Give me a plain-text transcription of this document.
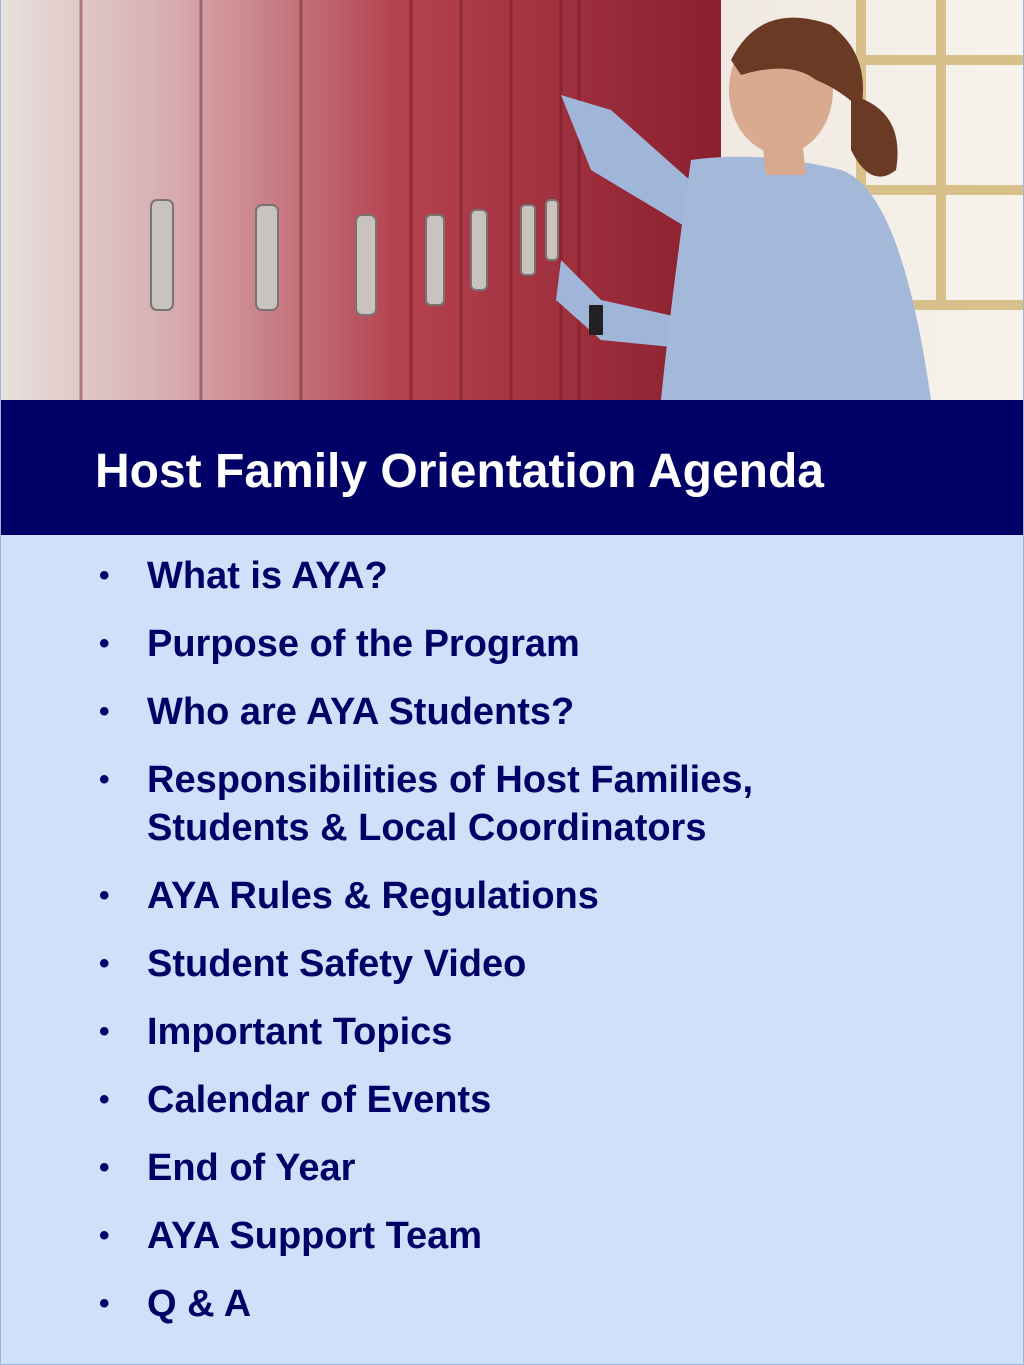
Host Family Orientation Agenda
• What is AYA?
• Purpose of the Program
• Who are AYA Students?
• Responsibilities of Host Families,
Students & Local Coordinators
• AYA Rules & Regulations
• Student Safety Video
• Important Topics
• Calendar of Events
• End of Year
• AYA Support Team
• Q & A
